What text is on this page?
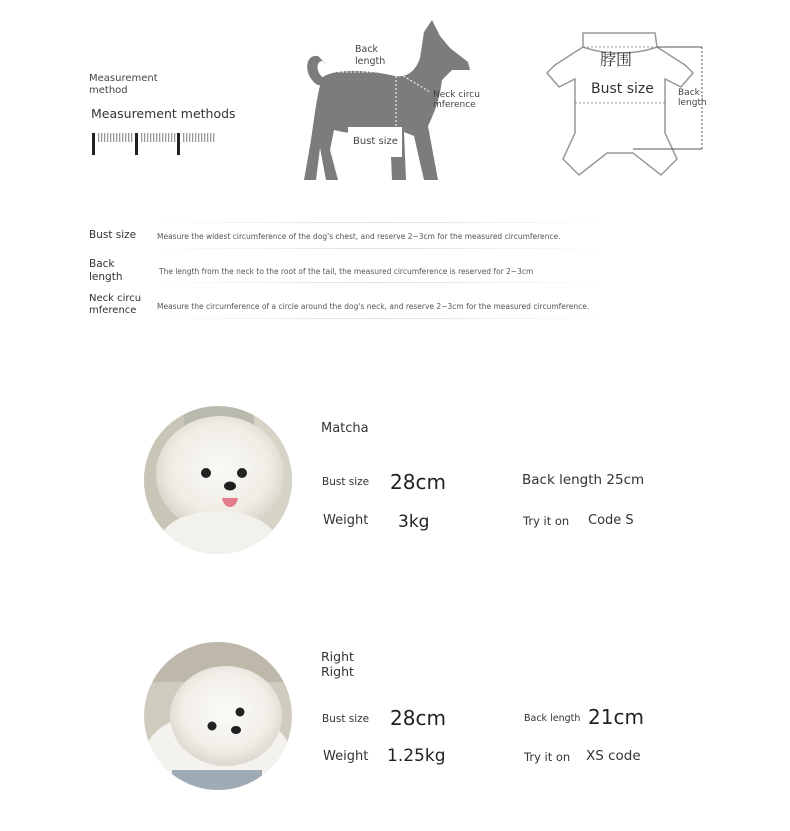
Measurement
method
Measurement methods
Back
length
Neck circu
mference
Bust size
脖围
Bust size	Back
length
Bust size	Measure the widest circumference of the dog's chest, and reserve 2~3cm for the measured circumference.
Back
length	The length from the neck to the root of the tail, the measured circumference is reserved for 2~3cm
Neck circu
mference	Measure the circumference of a circle around the dog's neck, and reserve 2~3cm for the measured circumference.
Matcha
Bust size 28cm	Back length 25cm
Weight 3kg	Try it on Code S
Right
Right
Bust size 28cm	Back length 21cm
Weight 1.25kg	Try it on XS code
